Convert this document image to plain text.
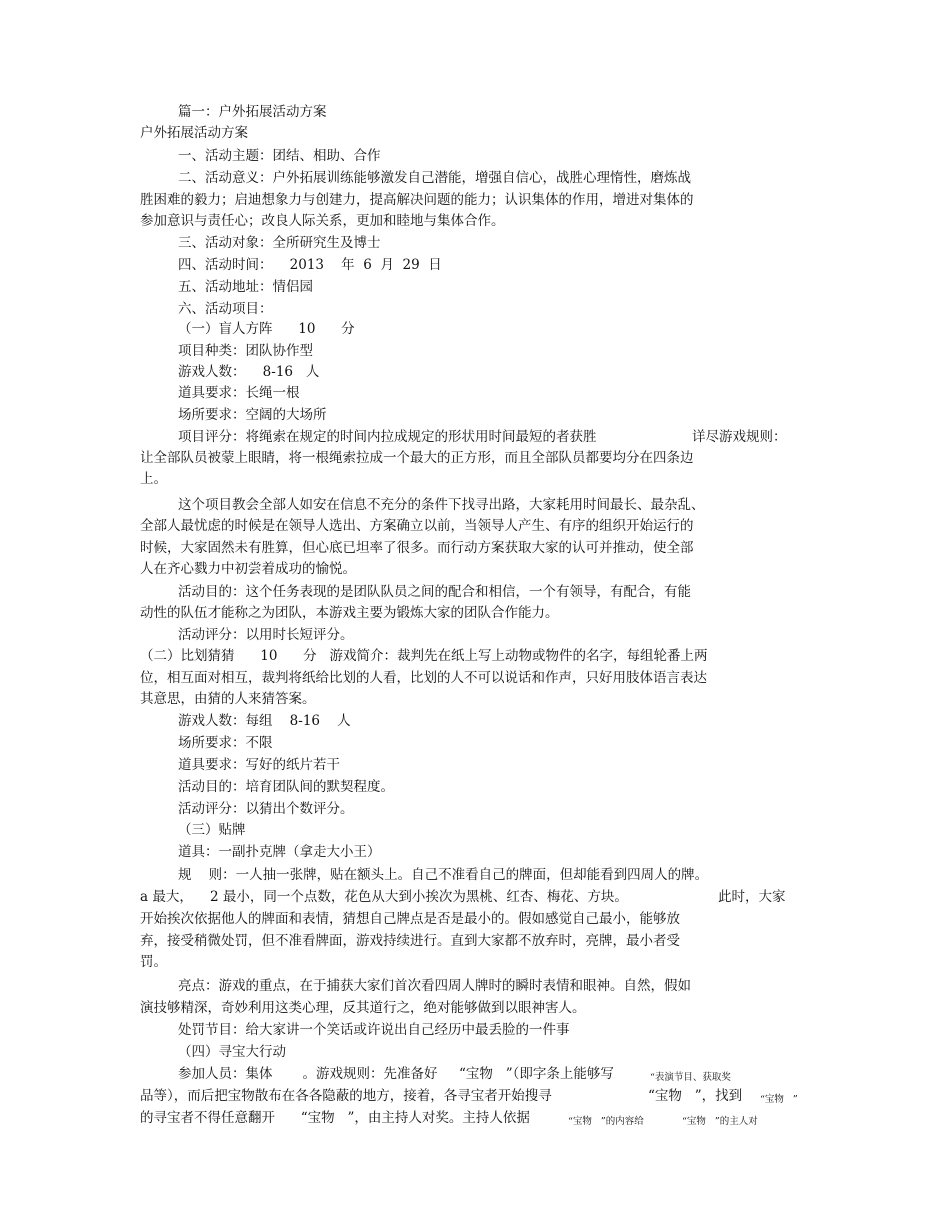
篇一：户外拓展活动方案
户外拓展活动方案
一、活动主题：团结、相助、合作
二、活动意义：户外拓展训练能够激发自己潜能，增强自信心，战胜心理惰性，磨炼战
胜困难的毅力；启迪想象力与创建力，提高解决问题的能力；认识集体的作用，增进对集体的
参加意识与责任心；改良人际关系，更加和睦地与集体合作。
三、活动对象：全所研究生及博士
四、活动时间：    2013    年  6  月  29  日
五、活动地址：情侣园
六、活动项目：
（一）盲人方阵      10      分
项目种类：团队协作型
游戏人数：    8-16   人
道具要求：长绳一根
场所要求：空阔的大场所
项目评分：将绳索在规定的时间内拉成规定的形状用时间最短的者获胜	详尽游戏规则：
让全部队员被蒙上眼睛，将一根绳索拉成一个最大的正方形，而且全部队员都要均分在四条边
上。
这个项目教会全部人如安在信息不充分的条件下找寻出路，大家耗用时间最长、最杂乱、
全部人最忧虑的时候是在领导人选出、方案确立以前，当领导人产生、有序的组织开始运行的
时候，大家固然未有胜算，但心底已坦率了很多。而行动方案获取大家的认可并推动，使全部
人在齐心戮力中初尝着成功的愉悦。
活动目的：这个任务表现的是团队队员之间的配合和相信，一个有领导，有配合，有能
动性的队伍才能称之为团队，本游戏主要为锻炼大家的团队合作能力。
活动评分：以用时长短评分。
（二）比划猜猜      10      分   游戏简介：裁判先在纸上写上动物或物件的名字，每组轮番上两
位，相互面对相互，裁判将纸给比划的人看，比划的人不可以说话和作声，只好用肢体语言表达
其意思，由猜的人来猜答案。
游戏人数：每组    8-16    人
场所要求：不限
道具要求：写好的纸片若干
活动目的：培育团队间的默契程度。
活动评分：以猜出个数评分。
（三）贴牌
道具：一副扑克牌（拿走大小王）
规    则：一人抽一张牌，贴在额头上。自己不准看自己的牌面，但却能看到四周人的牌。
a 最大，    2 最小，同一个点数，花色从大到小挨次为黑桃、红杏、梅花、方块。	此时，大家
开始挨次依据他人的牌面和表情，猜想自己牌点是否是最小的。假如感觉自己最小，能够放
弃，接受稍微处罚，但不准看牌面，游戏持续进行。直到大家都不放弃时，亮牌，最小者受
罚。
亮点：游戏的重点，在于捕获大家们首次看四周人牌时的瞬时表情和眼神。自然，假如
演技够精深，奇妙利用这类心理，反其道行之，绝对能够做到以眼神害人。
处罚节目：给大家讲一个笑话或许说出自己经历中最丢脸的一件事
（四）寻宝大行动
参加人员：集体       。游戏规则：先准备好     “宝物   ”（即字条上能够写	“表演节目、获取奖
品等），而后把宝物散布在各各隐蔽的地方，接着，各寻宝者开始搜寻	“宝物   ”，找到 “宝物   ”
的寻宝者不得任意翻开      “宝物   ”，由主持人对奖。主持人依据	“宝物   ”的内容给	“宝物   ”的主人对
